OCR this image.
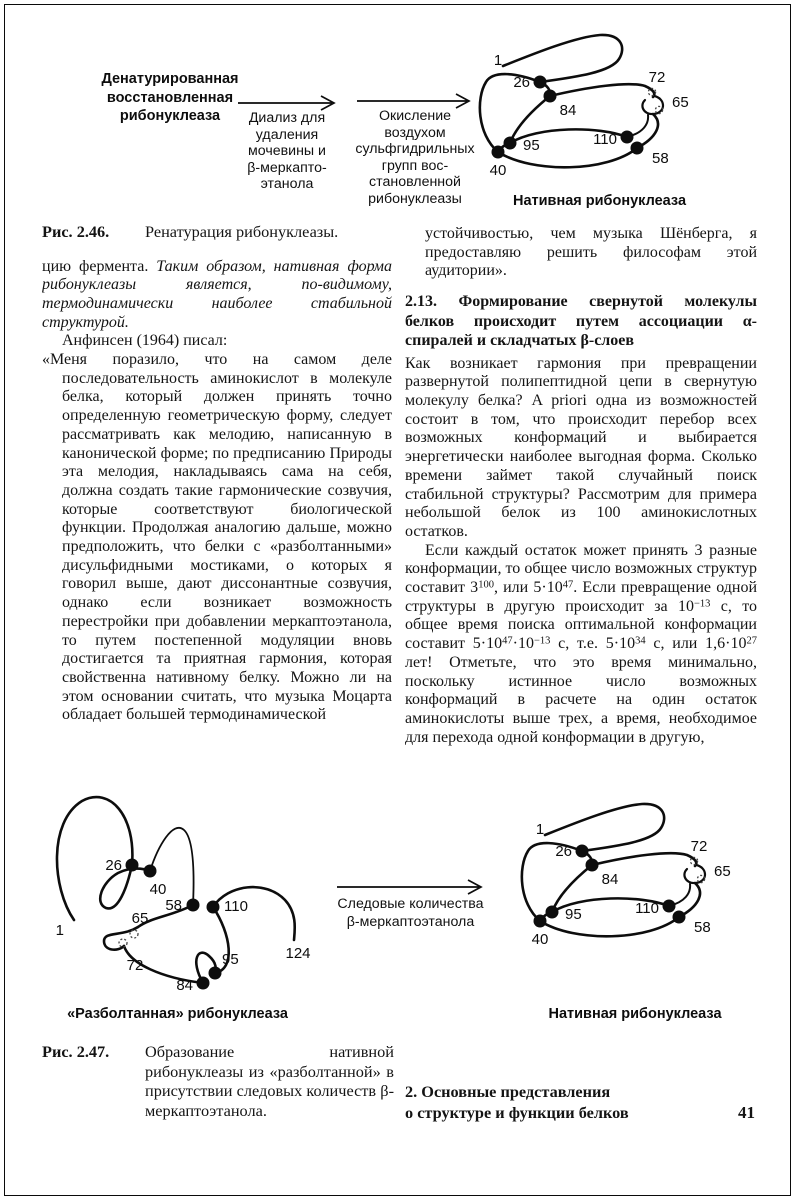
Денатурированная
восстановленная
рибонуклеаза	Диализ для
удаления
мочевины и
β-меркапто-
этанола
Окисление
воздухом
сульфгидрильных
групп вос-
становленной
рибонуклеазы
1
26
84
72
65
95	110
58
40
Нативная рибонуклеаза
Рис. 2.46.	Ренатурация рибонуклеазы.

цию фермента. Таким образом, нативная форма рибонуклеазы является, по-видимому, термодинамически наиболее стабильной структурой.

Анфинсен (1964) писал:

«Меня поразило, что на самом деле последовательность аминокислот в молекуле белка, который должен принять точно определенную геометрическую форму, следует рассматривать как мелодию, написанную в канонической форме; по предписанию Природы эта мелодия, накладываясь сама на себя, должна создать такие гармонические созвучия, которые соответствуют биологической функции. Продолжая аналогию дальше, можно предположить, что белки с «разболтанными» дисульфидными мостиками, о которых я говорил выше, дают диссонантные созвучия, однако если возникает возможность перестройки при добавлении меркаптоэтанола, то путем постепенной модуляции вновь достигается та приятная гармония, которая свойственна нативному белку. Можно ли на этом основании считать, что музыка Моцарта обладает большей термодинамической

устойчивостью, чем музыка Шёнберга, я предоставляю решить философам этой аудитории».

2.13. Формирование свернутой молекулы белков происходит путем ассоциации α-спиралей и складчатых β-слоев

Как возникает гармония при превращении развернутой полипептидной цепи в свернутую молекулу белка? A priori одна из возможностей состоит в том, что происходит перебор всех возможных конформаций и выбирается энергетически наиболее выгодная форма. Сколько времени займет такой случайный поиск стабильной структуры? Рассмотрим для примера небольшой белок из 100 аминокислотных остатков.

Если каждый остаток может принять 3 разные конформации, то общее число возможных структур составит $3^{100}$, или $5\cdot 10^{47}$. Если превращение одной структуры в другую происходит за $10^{-13}$ с, то общее время поиска оптимальной конформации составит $5\cdot 10^{47}\cdot 10^{-13}$ с, т.е. $5\cdot 10^{34}$ с, или $1,6\cdot 10^{27}$ лет! Отметьте, что это время минимально, поскольку истинное число возможных конформаций в расчете на один остаток аминокислоты выше трех, а время, необходимое для перехода одной конформации в другую,

1
26
40
58	110
65
72	95
84
124
«Разболтанная» рибонуклеаза
Следовые количества
β-меркаптоэтанола
1
26
84
72
65
95	110
58
40
Нативная рибонуклеаза
Рис. 2.47.	Образование нативной рибонуклеазы из «разболтанной» в присутствии следовых количеств β-меркаптоэтанола.
2. Основные представления
о структуре и функции белков	41
